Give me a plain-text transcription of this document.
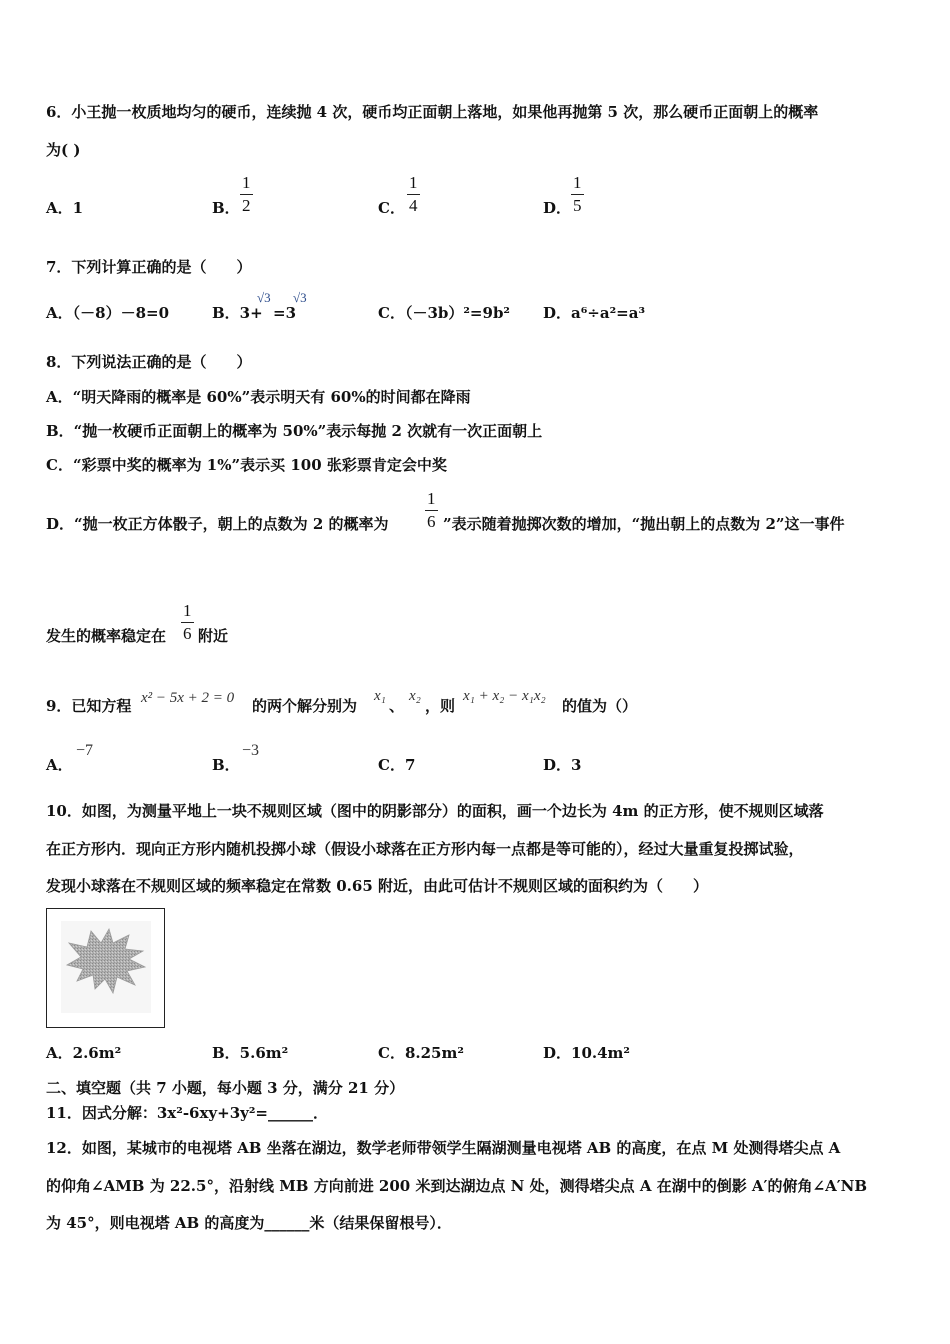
6．小王抛一枚质地均匀的硬币，连续抛 4 次，硬币均正面朝上落地，如果他再抛第 5 次，那么硬币正面朝上的概率
为( )
A．1	B．
1
2	C．
1
4	D．
1
5
7．下列计算正确的是（　　）
A．（－8）－8=0	B．3+
√3
=3
√3
C．（－3b）²=9b² D．a⁶÷a²=a³
8．下列说法正确的是（　　）
A．“明天降雨的概率是 60%”表示明天有 60%的时间都在降雨
B．“抛一枚硬币正面朝上的概率为 50%”表示每抛 2 次就有一次正面朝上
C．“彩票中奖的概率为 1%”表示买 100 张彩票肯定会中奖
D．“抛一枚正方体骰子，朝上的点数为 2 的概率为
1
6 ”表示随着抛掷次数的增加，“抛出朝上的点数为 2”这一事件
发生的概率稳定在
1
6 附近
9．已知方程 x² − 5x + 2 = 0 的两个解分别为
x₁
、
x₂
，则
x₁ + x₂ − x₁x₂
的值为（）
A．
−7
B．
−3
C．7	D．3
10．如图，为测量平地上一块不规则区域（图中的阴影部分）的面积，画一个边长为 4m 的正方形，使不规则区域落
在正方形内．现向正方形内随机投掷小球（假设小球落在正方形内每一点都是等可能的），经过大量重复投掷试验，
发现小球落在不规则区域的频率稳定在常数 0.65 附近，由此可估计不规则区域的面积约为（　　）
A．2.6m²	B．5.6m²	C．8.25m²	D．10.4m²
二、填空题（共 7 小题，每小题 3 分，满分 21 分）
11．因式分解：3x²-6xy+3y²=______．
12．如图，某城市的电视塔 AB 坐落在湖边，数学老师带领学生隔湖测量电视塔 AB 的高度，在点 M 处测得塔尖点 A
的仰角∠AMB 为 22.5°，沿射线 MB 方向前进 200 米到达湖边点 N 处，测得塔尖点 A 在湖中的倒影 A′的俯角∠A′NB
为 45°，则电视塔 AB 的高度为______米（结果保留根号）．
